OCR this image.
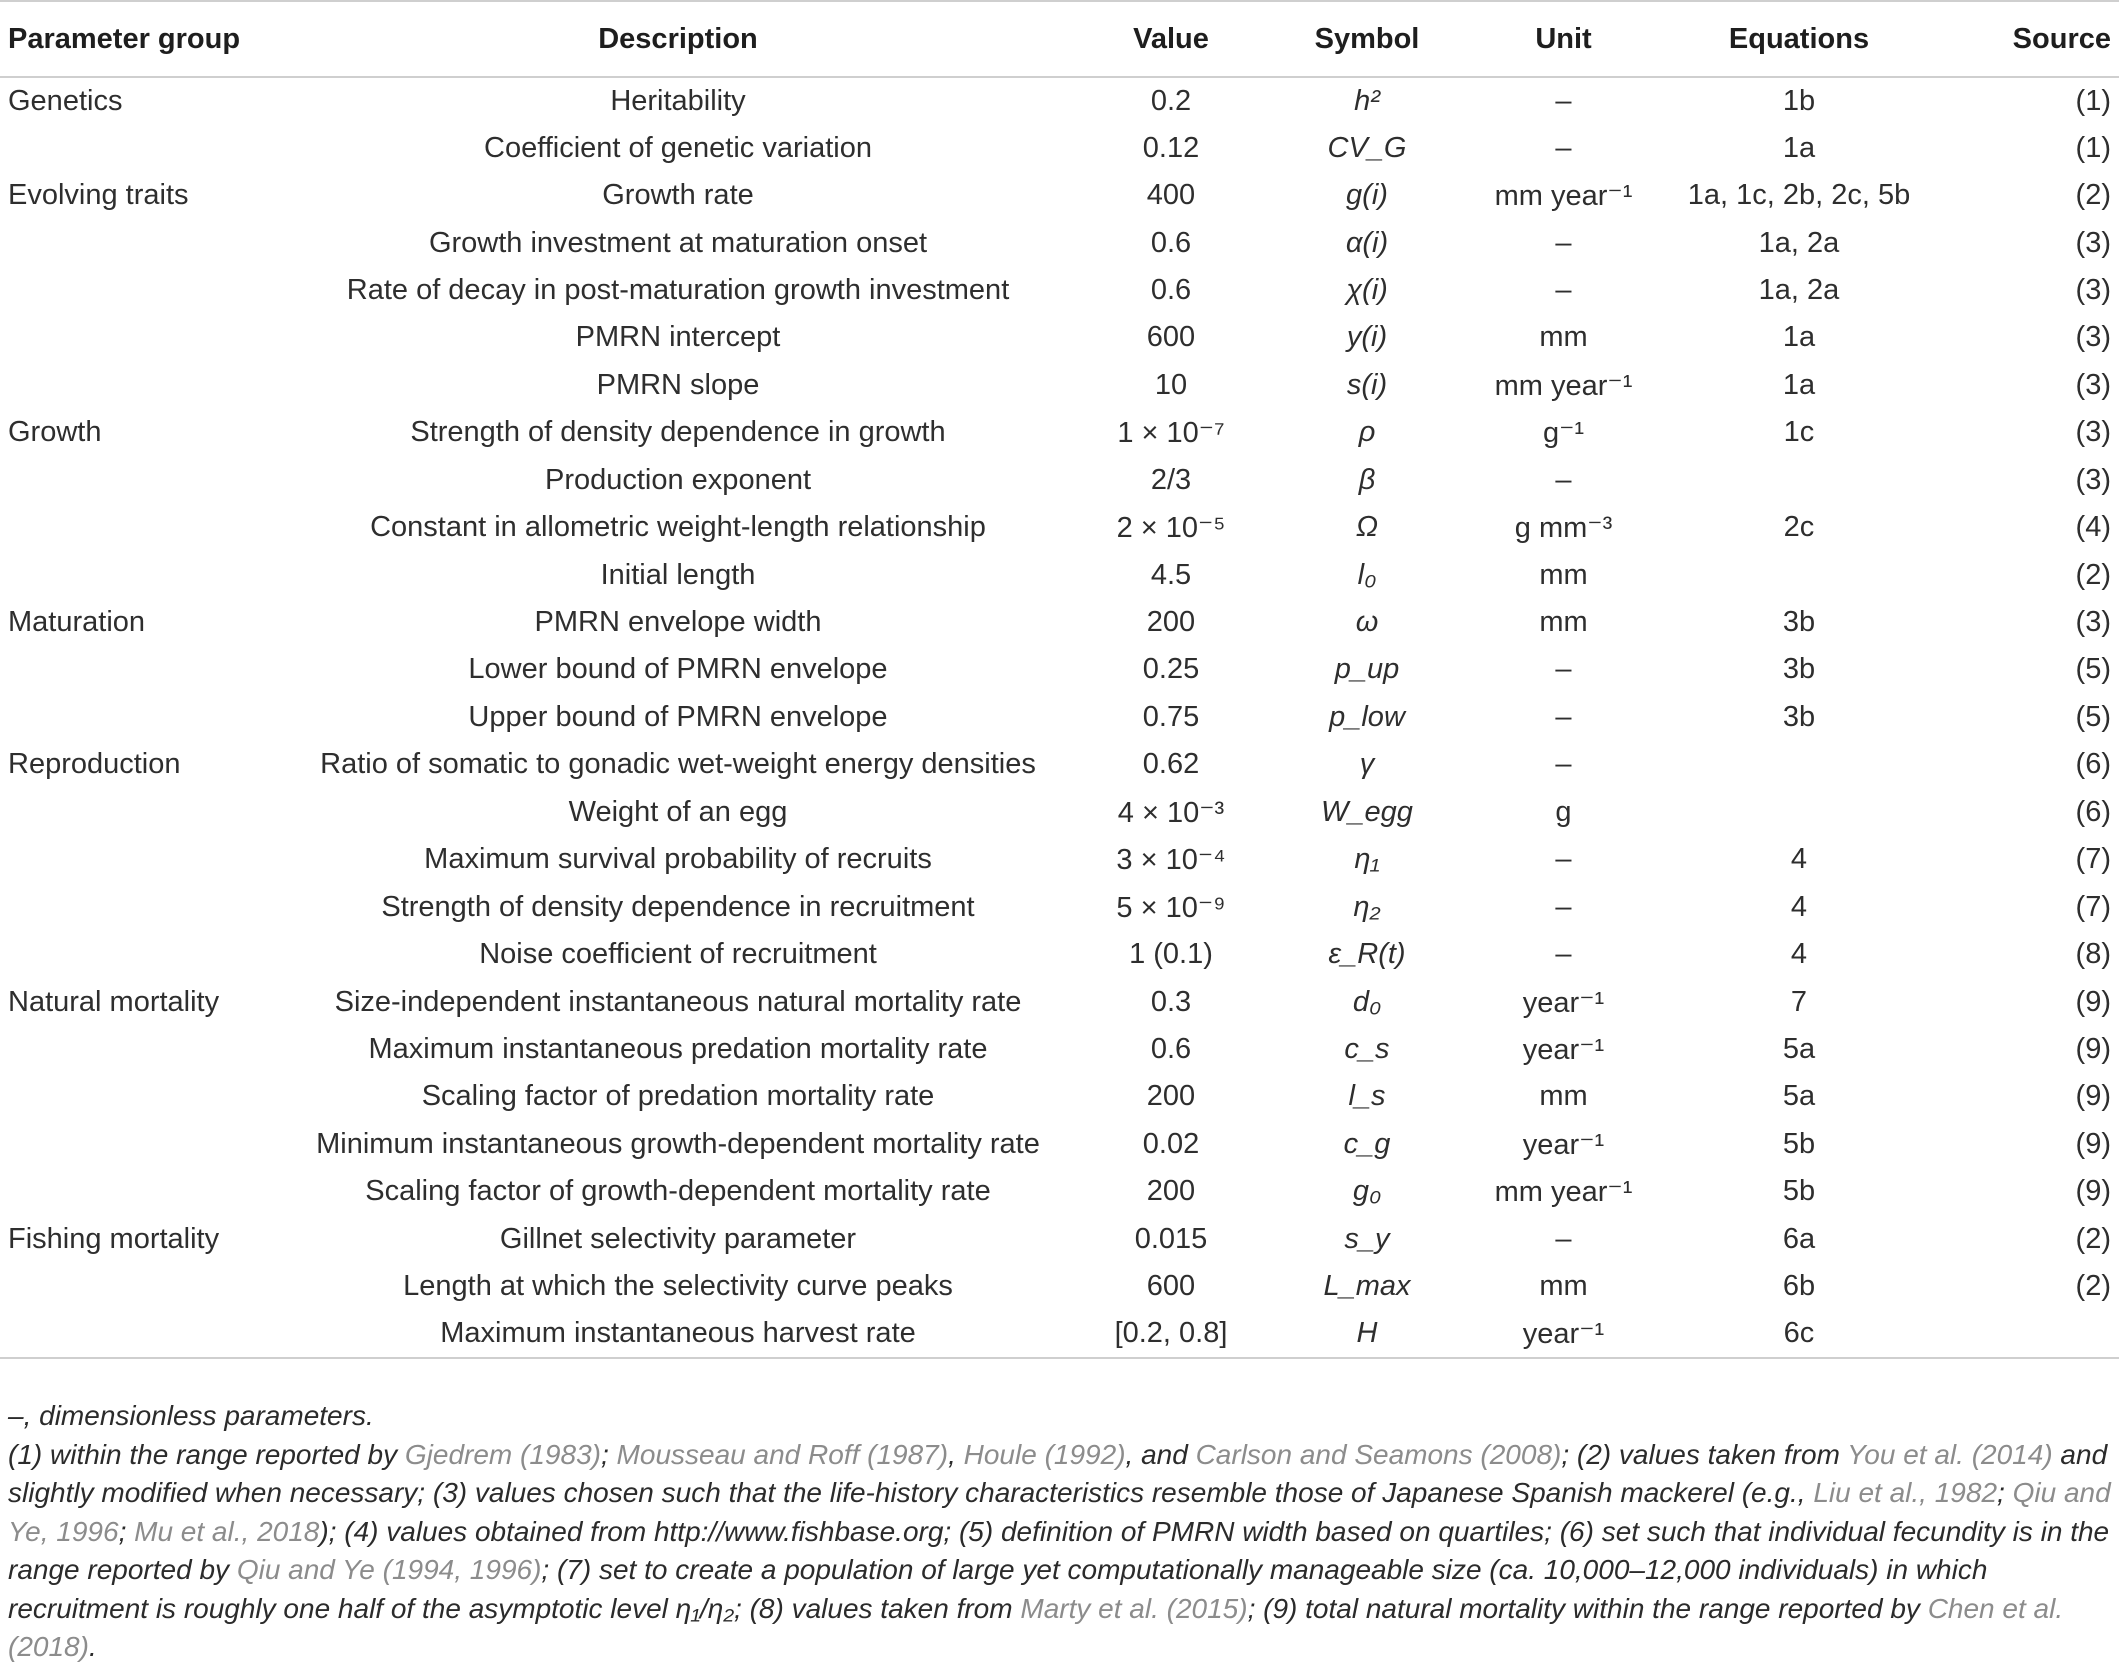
Parameter group	Description	Value	Symbol	Unit	Equations	Source
Genetics	Heritability	0.2	h²	–	1b	(1)
	Coefficient of genetic variation	0.12	CV_G	–	1a	(1)
Evolving traits	Growth rate	400	g(i)	mm year⁻¹	1a, 1c, 2b, 2c, 5b	(2)
	Growth investment at maturation onset	0.6	α(i)	–	1a, 2a	(3)
	Rate of decay in post-maturation growth investment	0.6	χ(i)	–	1a, 2a	(3)
	PMRN intercept	600	y(i)	mm	1a	(3)
	PMRN slope	10	s(i)	mm year⁻¹	1a	(3)
Growth	Strength of density dependence in growth	1 × 10⁻⁷	ρ	g⁻¹	1c	(3)
	Production exponent	2/3	β	–		(3)
	Constant in allometric weight-length relationship	2 × 10⁻⁵	Ω	g mm⁻³	2c	(4)
	Initial length	4.5	l₀	mm		(2)
Maturation	PMRN envelope width	200	ω	mm	3b	(3)
	Lower bound of PMRN envelope	0.25	p_up	–	3b	(5)
	Upper bound of PMRN envelope	0.75	p_low	–	3b	(5)
Reproduction	Ratio of somatic to gonadic wet-weight energy densities	0.62	γ	–		(6)
	Weight of an egg	4 × 10⁻³	W_egg	g		(6)
	Maximum survival probability of recruits	3 × 10⁻⁴	η₁	–	4	(7)
	Strength of density dependence in recruitment	5 × 10⁻⁹	η₂	–	4	(7)
	Noise coefficient of recruitment	1 (0.1)	ε_R(t)	–	4	(8)
Natural mortality	Size-independent instantaneous natural mortality rate	0.3	d₀	year⁻¹	7	(9)
	Maximum instantaneous predation mortality rate	0.6	c_s	year⁻¹	5a	(9)
	Scaling factor of predation mortality rate	200	l_s	mm	5a	(9)
	Minimum instantaneous growth-dependent mortality rate	0.02	c_g	year⁻¹	5b	(9)
	Scaling factor of growth-dependent mortality rate	200	g₀	mm year⁻¹	5b	(9)
Fishing mortality	Gillnet selectivity parameter	0.015	s_y	–	6a	(2)
	Length at which the selectivity curve peaks	600	L_max	mm	6b	(2)
	Maximum instantaneous harvest rate	[0.2, 0.8]	H	year⁻¹	6c	

–, dimensionless parameters.

(1) within the range reported by Gjedrem (1983); Mousseau and Roff (1987), Houle (1992), and Carlson and Seamons (2008); (2) values taken from You et al. (2014) and slightly modified when necessary; (3) values chosen such that the life-history characteristics resemble those of Japanese Spanish mackerel (e.g., Liu et al., 1982; Qiu and Ye, 1996; Mu et al., 2018); (4) values obtained from http://www.fishbase.org; (5) definition of PMRN width based on quartiles; (6) set such that individual fecundity is in the range reported by Qiu and Ye (1994, 1996); (7) set to create a population of large yet computationally manageable size (ca. 10,000–12,000 individuals) in which recruitment is roughly one half of the asymptotic level η₁/η₂; (8) values taken from Marty et al. (2015); (9) total natural mortality within the range reported by Chen et al. (2018).
